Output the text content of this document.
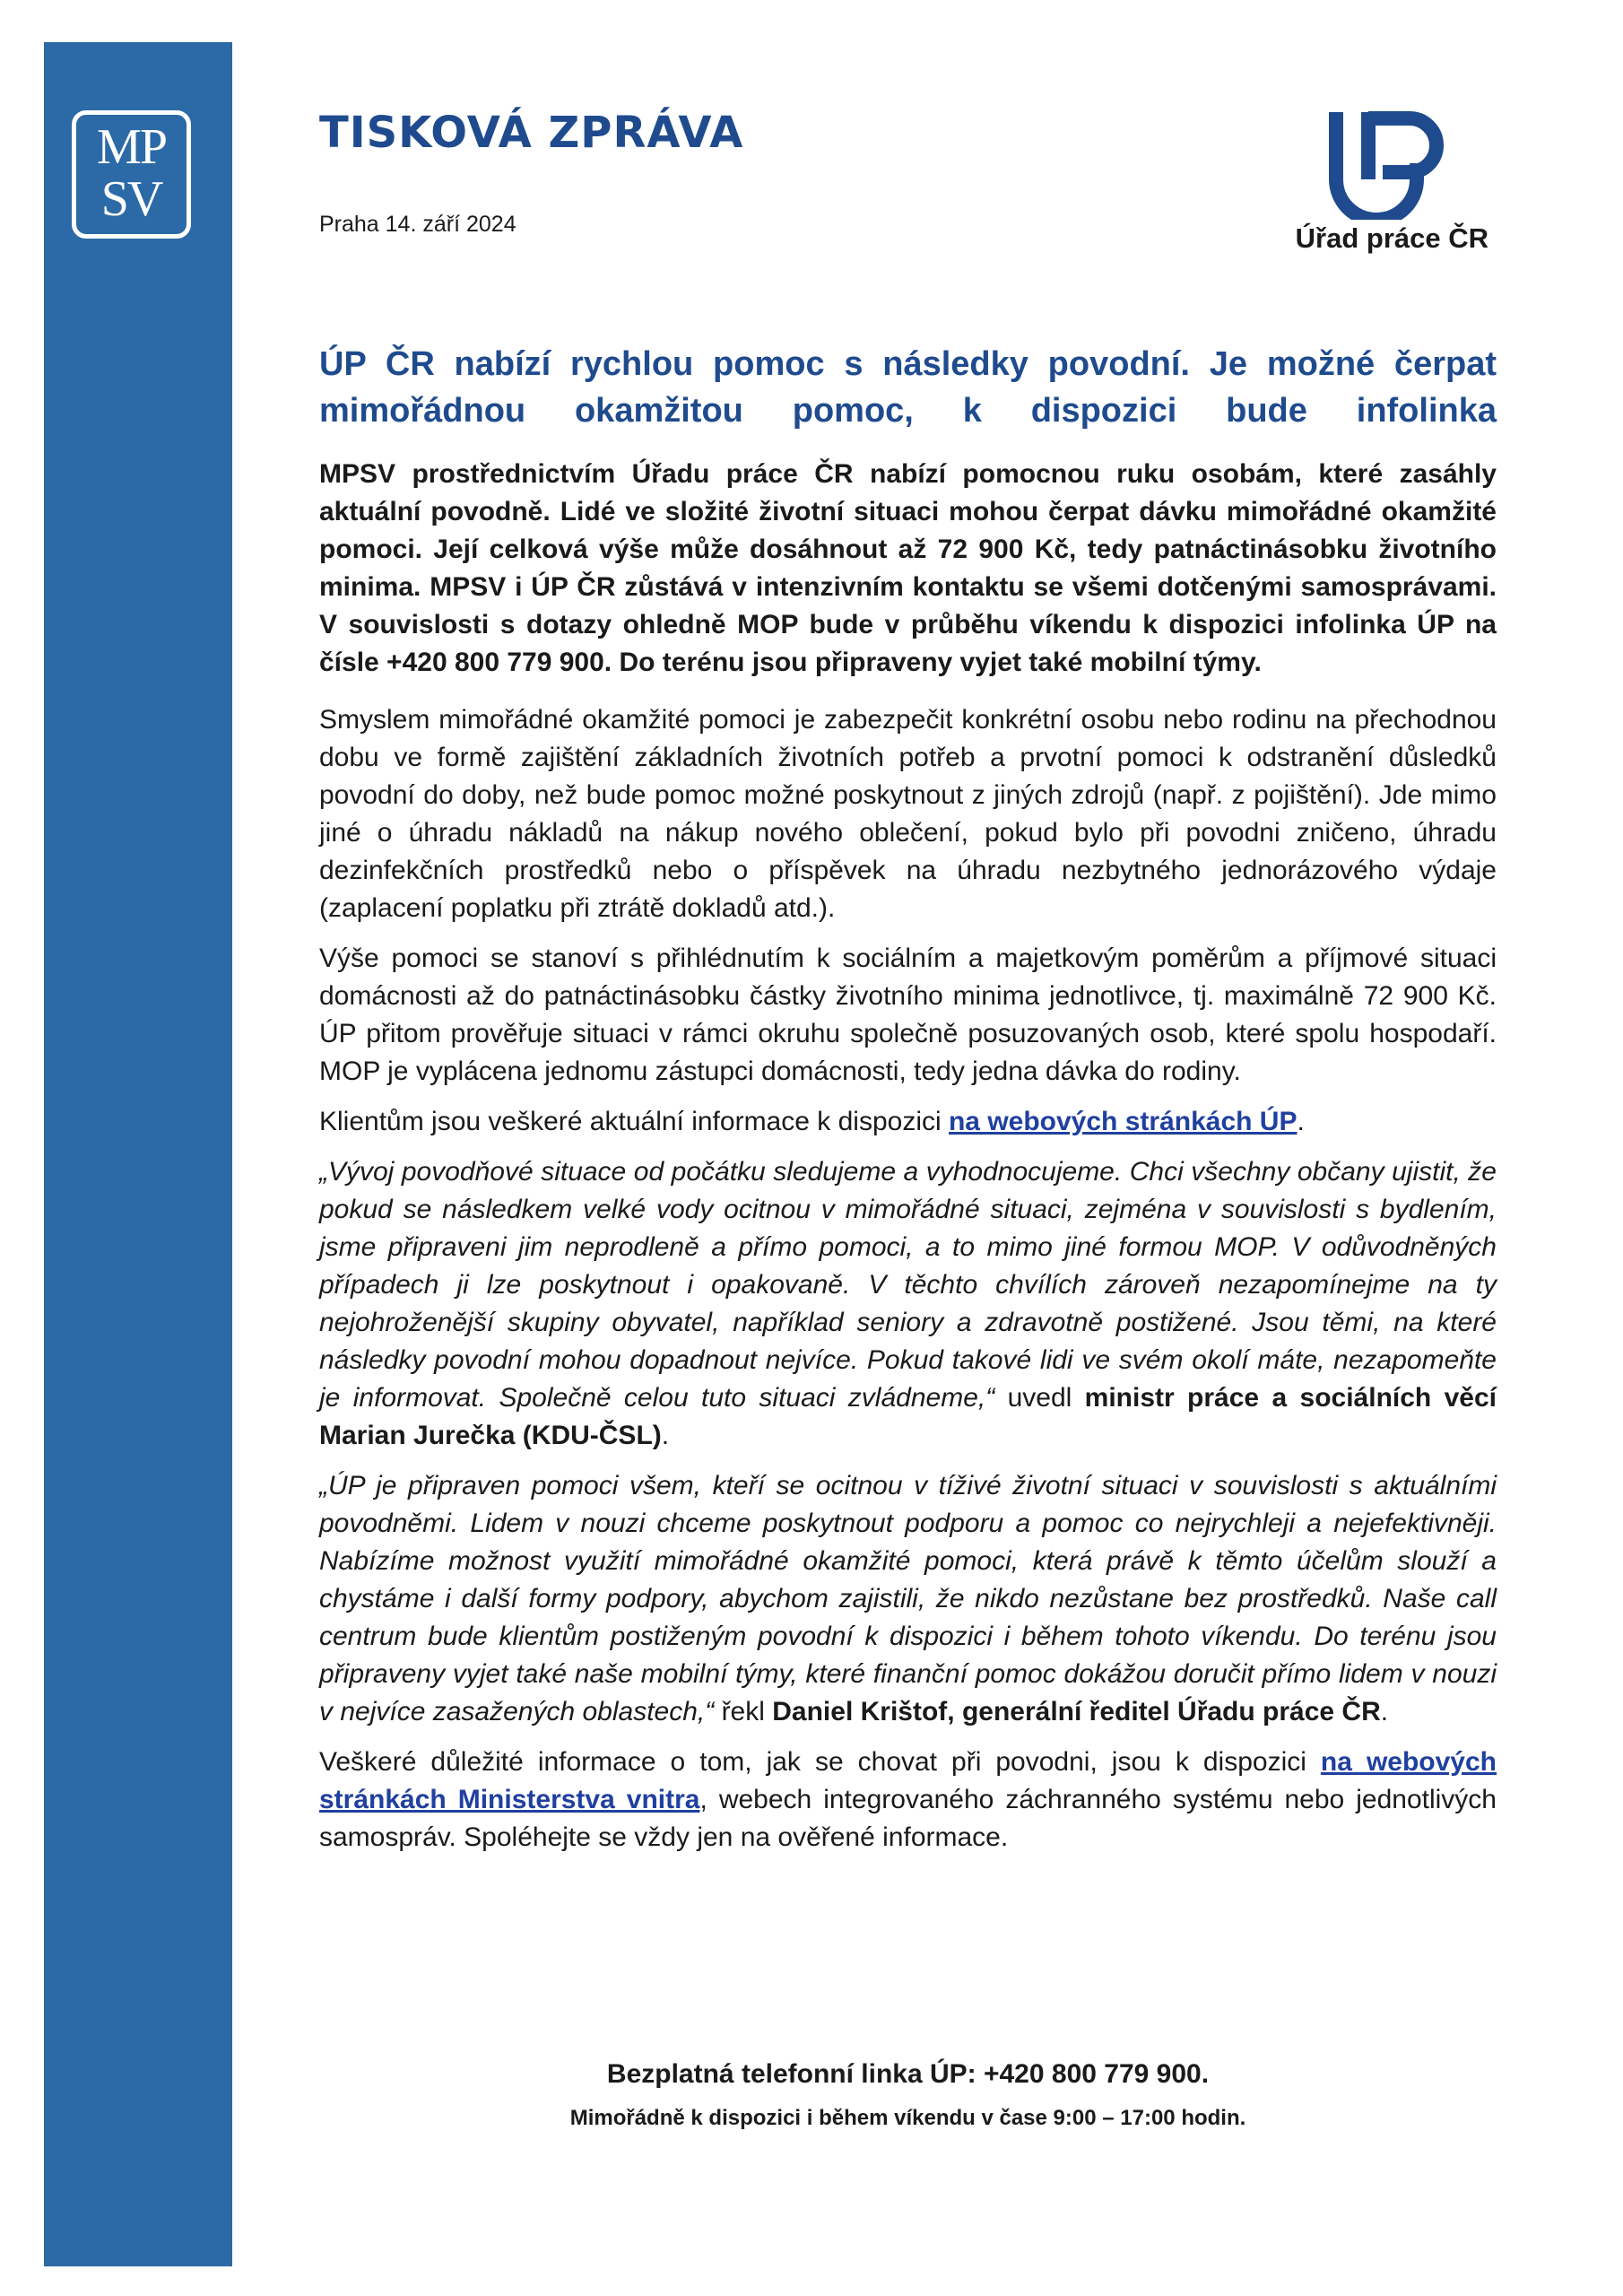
MP
SV
TISKOVÁ ZPRÁVA
Praha 14. září 2024	Úřad práce ČR
ÚP ČR nabízí rychlou pomoc s následky povodní. Je možné čerpat mimořádnou okamžitou pomoc, k dispozici bude infolinka

MPSV prostřednictvím Úřadu práce ČR nabízí pomocnou ruku osobám, které zasáhly aktuální povodně. Lidé ve složité životní situaci mohou čerpat dávku mimořádné okamžité pomoci. Její celková výše může dosáhnout až 72 900 Kč, tedy patnáctinásobku životního minima. MPSV i ÚP ČR zůstává v intenzivním kontaktu se všemi dotčenými samosprávami. V souvislosti s dotazy ohledně MOP bude v průběhu víkendu k dispozici infolinka ÚP na čísle +420 800 779 900. Do terénu jsou připraveny vyjet také mobilní týmy.

Smyslem mimořádné okamžité pomoci je zabezpečit konkrétní osobu nebo rodinu na přechodnou dobu ve formě zajištění základních životních potřeb a prvotní pomoci k odstranění důsledků povodní do doby, než bude pomoc možné poskytnout z jiných zdrojů (např. z pojištění). Jde mimo jiné o úhradu nákladů na nákup nového oblečení, pokud bylo při povodni zničeno, úhradu dezinfekčních prostředků nebo o příspěvek na úhradu nezbytného jednorázového výdaje (zaplacení poplatku při ztrátě dokladů atd.).

Výše pomoci se stanoví s přihlédnutím k sociálním a majetkovým poměrům a příjmové situaci domácnosti až do patnáctinásobku částky životního minima jednotlivce, tj. maximálně 72 900 Kč. ÚP přitom prověřuje situaci v rámci okruhu společně posuzovaných osob, které spolu hospodaří. MOP je vyplácena jednomu zástupci domácnosti, tedy jedna dávka do rodiny.

Klientům jsou veškeré aktuální informace k dispozici na webových stránkách ÚP.

„Vývoj povodňové situace od počátku sledujeme a vyhodnocujeme. Chci všechny občany ujistit, že pokud se následkem velké vody ocitnou v mimořádné situaci, zejména v souvislosti s bydlením, jsme připraveni jim neprodleně a přímo pomoci, a to mimo jiné formou MOP. V odůvodněných případech ji lze poskytnout i opakovaně. V těchto chvílích zároveň nezapomínejme na ty nejohroženější skupiny obyvatel, například seniory a zdravotně postižené. Jsou těmi, na které následky povodní mohou dopadnout nejvíce. Pokud takové lidi ve svém okolí máte, nezapomeňte je informovat. Společně celou tuto situaci zvládneme,“ uvedl ministr práce a sociálních věcí Marian Jurečka (KDU-ČSL).

„ÚP je připraven pomoci všem, kteří se ocitnou v tíživé životní situaci v souvislosti s aktuálními povodněmi. Lidem v nouzi chceme poskytnout podporu a pomoc co nejrychleji a nejefektivněji. Nabízíme možnost využití mimořádné okamžité pomoci, která právě k těmto účelům slouží a chystáme i další formy podpory, abychom zajistili, že nikdo nezůstane bez prostředků. Naše call centrum bude klientům postiženým povodní k dispozici i během tohoto víkendu. Do terénu jsou připraveny vyjet také naše mobilní týmy, které finanční pomoc dokážou doručit přímo lidem v nouzi v nejvíce zasažených oblastech,“ řekl Daniel Krištof, generální ředitel Úřadu práce ČR.

Veškeré důležité informace o tom, jak se chovat při povodni, jsou k dispozici na webových stránkách Ministerstva vnitra, webech integrovaného záchranného systému nebo jednotlivých samospráv. Spoléhejte se vždy jen na ověřené informace.

Bezplatná telefonní linka ÚP: +420 800 779 900.

Mimořádně k dispozici i během víkendu v čase 9:00 – 17:00 hodin.
